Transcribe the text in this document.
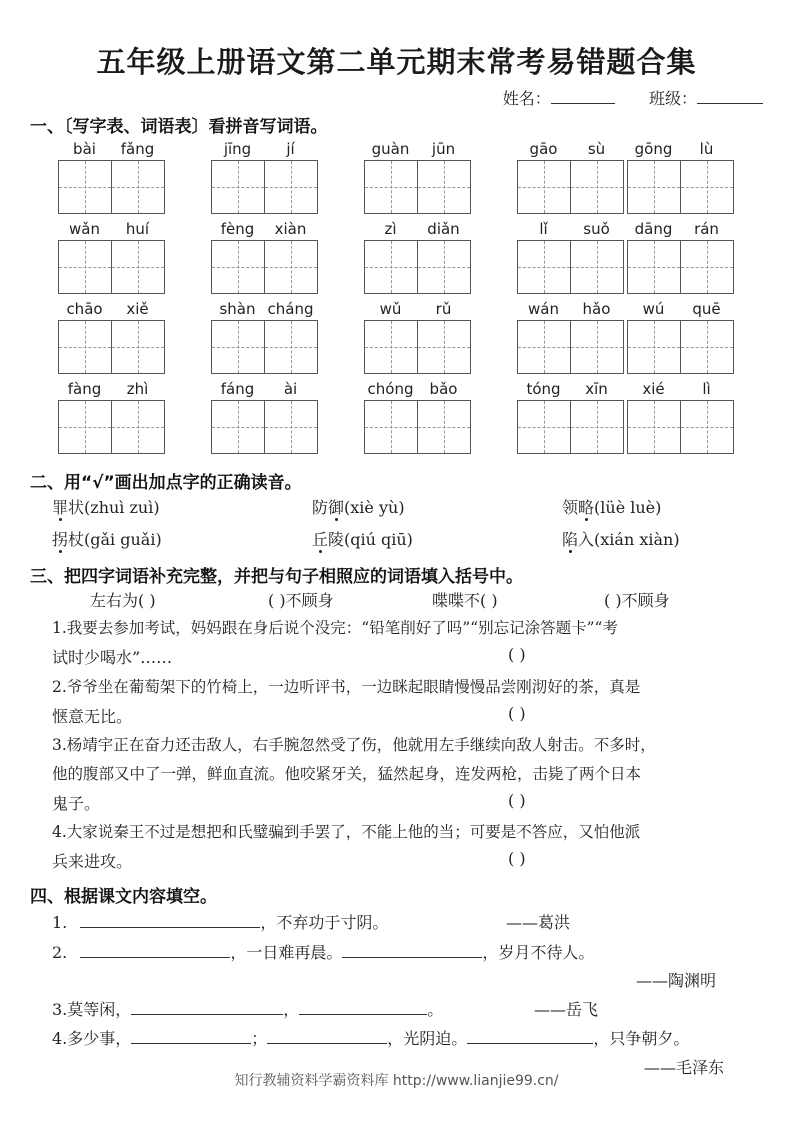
五年级上册语文第二单元期末常考易错题合集
姓名：	班级：
一、〔写字表、词语表〕看拼音写词语。
bài	fǎng	jīng	jí	guàn	jūn	gāo	sù	gōng	lù
wǎn	huí	fèng	xiàn	zì	diǎn	lǐ	suǒ	dāng	rán
chāo	xiě	shàn cháng	wǔ	rǔ	wán	hǎo	wú	quē
fàng	zhì	fáng	ài	chóng	bǎo	tóng	xīn	xié	lì
二、用“√”画出加点字的正确读音。
罪状(zhuì zuì)	防御(xiè yù)	领略(lüè luè)
拐杖(gǎi guǎi)	丘陵(qiú qiū)	陷入(xián xiàn)
三、把四字词语补充完整，并把与句子相照应的词语填入括号中。
左右为( )	( )不顾身	喋喋不( )	( )不顾身
1.我要去参加考试，妈妈跟在身后说个没完：“铅笔削好了吗”“别忘记涂答题卡”“考
试时少喝水”……	( )
2.爷爷坐在葡萄架下的竹椅上，一边听评书，一边眯起眼睛慢慢品尝刚沏好的茶，真是
惬意无比。	( )
3.杨靖宇正在奋力还击敌人，右手腕忽然受了伤，他就用左手继续向敌人射击。不多时，
他的腹部又中了一弹，鲜血直流。他咬紧牙关，猛然起身，连发两枪，击毙了两个日本
鬼子。	( )
4.大家说秦王不过是想把和氏璧骗到手罢了，不能上他的当；可要是不答应，又怕他派
兵来进攻。	( )
四、根据课文内容填空。
1.	，不弃功于寸阴。	——葛洪
2.	，一日难再晨。	，岁月不待人。
——陶渊明
3.莫等闲，	，	。	——岳飞
4.多少事，	；	，光阴迫。	，只争朝夕。
——毛泽东
知行教辅资料学霸资料库 http://www.lianjie99.cn/
